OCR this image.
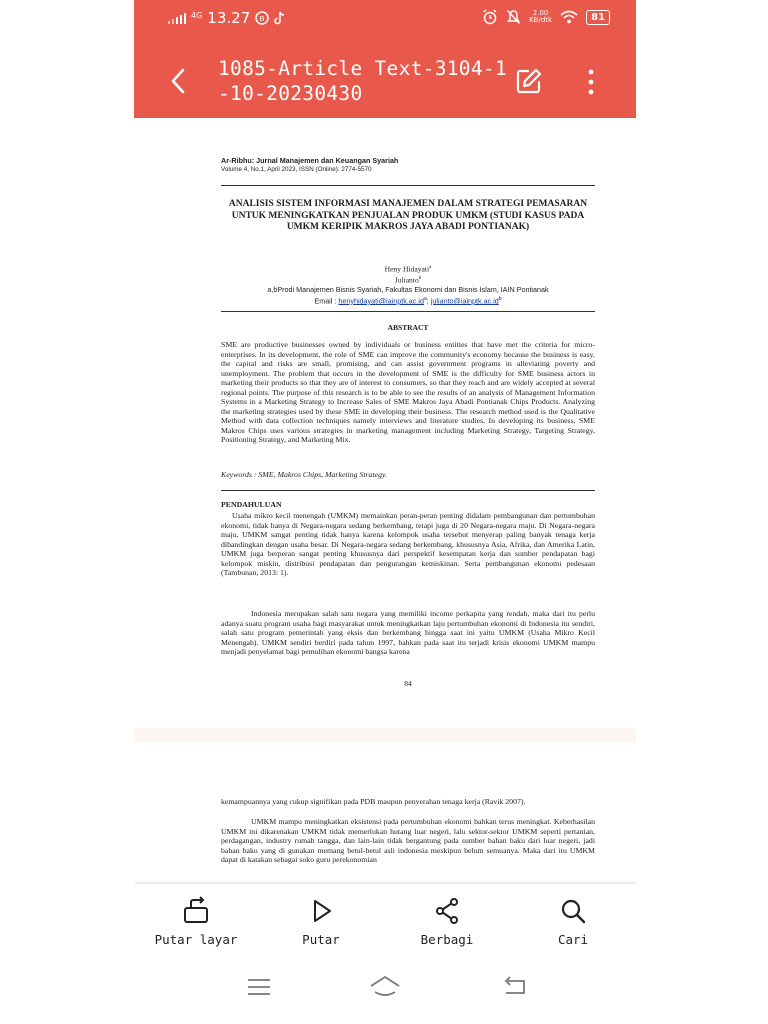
4G 13.27 B
2.00
KB/dtk	81
1085-Article Text-3104-1-10-20230430
Ar-Ribhu: Jurnal Manajemen dan Keuangan Syariah
Volume 4, No.1, April 2023, ISSN (Online): 2774-5570
ANALISIS SISTEM INFORMASI MANAJEMEN DALAM STRATEGI PEMASARAN UNTUK MENINGKATKAN PENJUALAN PRODUK UMKM (STUDI KASUS PADA UMKM KERIPIK MAKROS JAYA ABADI PONTIANAK)
Heny Hidayati$^a$
Julianto$^b$
a,bProdi Manajemen Bisnis Syariah, Fakultas Ekonomi dan Bisnis Islam, IAIN Pontianak
Email : $henyhidayati@iainptk.ac.id^a$; $julianto@iainptk.ac.id^b$
ABSTRACT
SME are productive businesses owned by individuals or business entities that have met the criteria for micro-enterprises. In its development, the role of SME can improve the community's economy because the business is easy, the capital and risks are small, promising, and can assist government programs in alleviating poverty and unemployment. The problem that occurs in the development of SME is the difficulty for SME business actors in marketing their products so that they are of interest to consumers, so that they reach and are widely accepted at several regional points. The purpose of this research is to be able to see the results of an analysis of Management Information Systems in a Marketing Strategy to Increase Sales of SME Makros Jaya Abadi Pontianak Chips Products. Analyzing the marketing strategies used by these SME in developing their business. The research method used is the Qualitative Method with data collection techniques namely interviews and literature studies. In developing its business, SME Makros Chips uses various strategies in marketing management including Marketing Strategy, Targeting Strategy, Positioning Strategy, and Marketing Mix.
Keywords : SME, Makros Chips, Marketing Strategy.
PENDAHULUAN
Usaha mikro kecil menengah (UMKM) memainkan peran-peran penting didalam pembangunan dan pertumbuhan ekonomi, tidak hanya di Negara-negara sedang berkembang, tetapi juga di 20 Negara-negara maju. Di Negara-negara maju, UMKM sangat penting tidak hanya karena kelompok usaha tersebut menyerap paling banyak tenaga kerja dibandingkan dengan usaha besar. Di Negara-negara sedang berkembang, khususnya Asia, Afrika, dan Amerika Latin, UMKM juga berperan sangat penting khususnya dari perspektif kesempatan kerja dan sumber pendapatan bagi kelompok miskin, distribusi pendapatan dan pengurangan kemiskinan. Serta pembangunan ekonomi pedesaan (Tambunan, 2013: 1).
Indonesia merupakan salah satu negara yang memiliki income perkapita yang rendah, maka dari itu perlu adanya suatu program usaha bagi masyarakat untuk meningkatkan laju pertumbuhan ekonomi di Indonesia itu sendiri, salah satu program pemerintah yang eksis dan berkembang hingga saat ini yaitu UMKM (Usaha Mikro Kecil Menengah). UMKM sendiri berdiri pada tahun 1997, bahkan pada saat itu terjadi krisis ekonomi UMKM mampu menjadi penyelamat bagi pemulihan ekonomi bangsa karena
84
kemampuannya yang cukup signifikan pada PDB maupun penyerahan tenaga kerja (Ravik 2007).
UMKM mampu meningkatkan eksistensi pada pertumbuhan ekonomi bahkan terus meningkat. Keberhasilan UMKM ini dikarenakan UMKM tidak memerlukan hutang luar negeri, lalu sektor-sektor UMKM seperti pertanian, perdagangan, industry rumah tangga, dan lain-lain tidak bergantung pada sumber bahan baku dari luar negeri, jadi bahan baku yang di gunakan memang betul-betul asli indonesia meskipun belum semuanya. Maka dari itu UMKM dapat di katakan sebagai soko guru perekonomian
Putar layar	Putar	Berbagi	Cari
